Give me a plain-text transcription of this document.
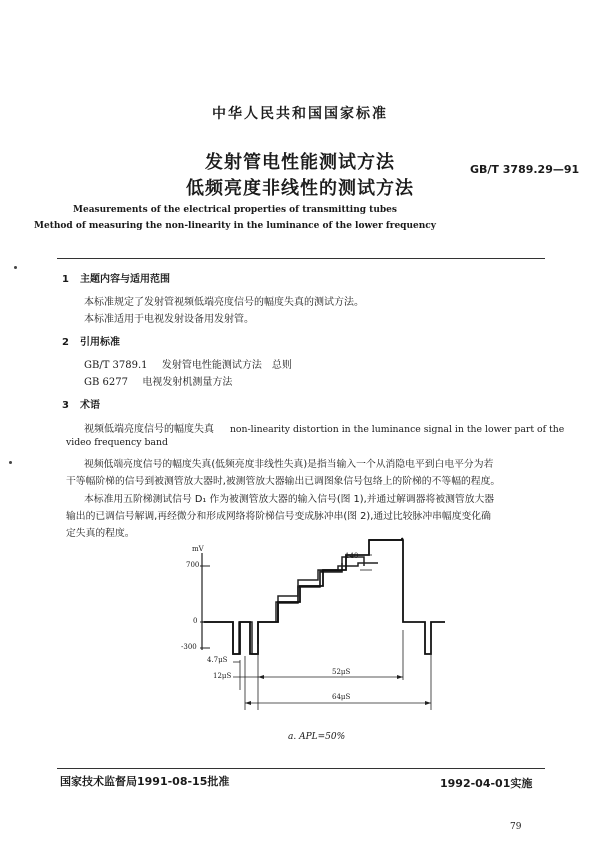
中华人民共和国国家标准
发射管电性能测试方法
低频亮度非线性的测试方法
GB/T 3789.29—91
Measurements of the electrical properties of transmitting tubes
Method of measuring the non-linearity in the luminance of the lower frequency
1 主题内容与适用范围
本标准规定了发射管视频低端亮度信号的幅度失真的测试方法。
本标准适用于电视发射设备用发射管。
2 引用标准
GB/T 3789.1 发射管电性能测试方法　总则
GB 6277 电视发射机测量方法
3 术语
视频低端亮度信号的幅度失真 non-linearity distortion in the luminance signal in the lower part of the
video frequency band
视频低端亮度信号的幅度失真(低频亮度非线性失真)是指当输入一个从消隐电平到白电平分为若
干等幅阶梯的信号到被测管放大器时,被测管放大器输出已调图象信号包络上的阶梯的不等幅的程度。
本标准用五阶梯测试信号 D₁ 作为被测管放大器的输入信号(图 1),并通过解调器将被测管放大器
输出的已调信号解调,再经微分和形成网络将阶梯信号变成脉冲串(图 2),通过比较脉冲串幅度变化确
定失真的程度。
mV
700
0
-300
140
4.7μS
12μS	52μS
64μS
a. APL=50%
国家技术监督局1991-08-15批准	1992-04-01实施
79
